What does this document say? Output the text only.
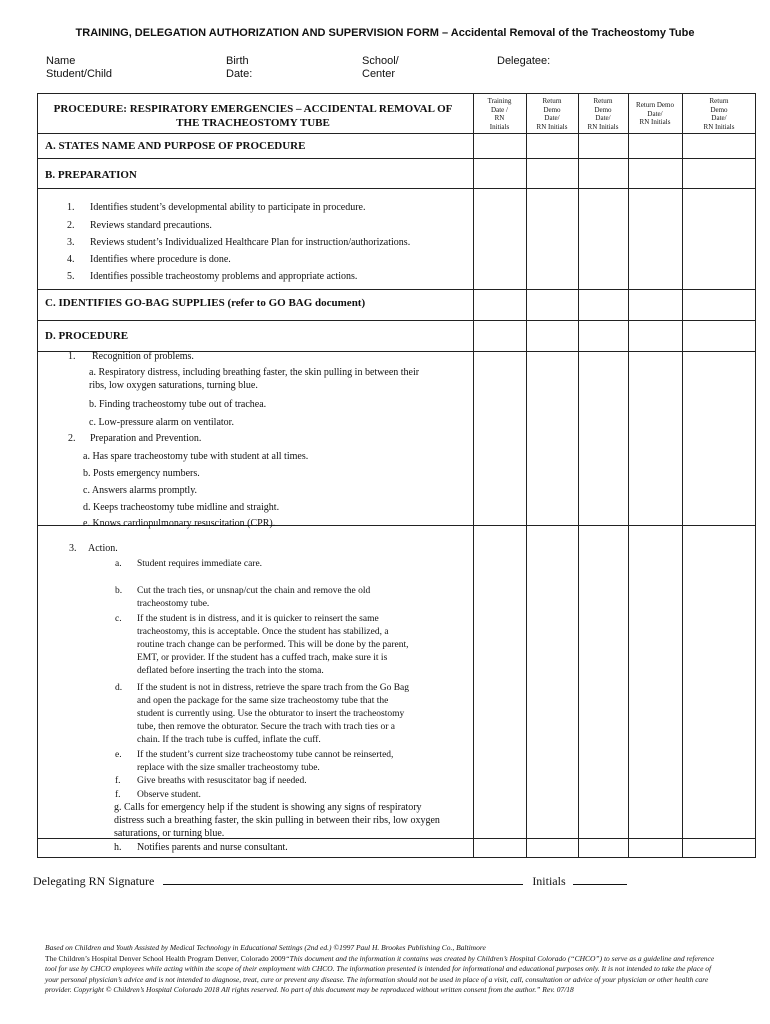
TRAINING, DELEGATION AUTHORIZATION AND SUPERVISION FORM – Accidental Removal of the Tracheostomy Tube
Name
Student/Child
Birth
Date:
School/
Center
Delegatee:
PROCEDURE: RESPIRATORY EMERGENCIES – ACCIDENTAL REMOVAL OF
THE TRACHEOSTOMY TUBE
Training
Date /
RN
Initials
Return
Demo
Date/
RN Initials
Return
Demo
Date/
RN Initials
Return Demo
Date/
RN Initials
Return
Demo
Date/
RN Initials
A. STATES NAME AND PURPOSE OF PROCEDURE
B. PREPARATION
C. IDENTIFIES GO-BAG SUPPLIES (refer to GO BAG document)
D. PROCEDURE
1. Identifies student’s developmental ability to participate in procedure.
2. Reviews standard precautions.
3. Reviews student’s Individualized Healthcare Plan for instruction/authorizations.
4. Identifies where procedure is done.
5. Identifies possible tracheostomy problems and appropriate actions.
1. Recognition of problems.
a. Respiratory distress, including breathing faster, the skin pulling in between their
ribs, low oxygen saturations, turning blue.
b. Finding tracheostomy tube out of trachea.
c. Low-pressure alarm on ventilator.
2. Preparation and Prevention.
a. Has spare tracheostomy tube with student at all times.
b. Posts emergency numbers.
c. Answers alarms promptly.
d. Keeps tracheostomy tube midline and straight.
e. Knows cardiopulmonary resuscitation (CPR).
3. Action.
a. Student requires immediate care.
b. Cut the trach ties, or unsnap/cut the chain and remove the old
tracheostomy tube.
c. If the student is in distress, and it is quicker to reinsert the same
tracheostomy, this is acceptable. Once the student has stabilized, a
routine trach change can be performed. This will be done by the parent,
EMT, or provider. If the student has a cuffed trach, make sure it is
deflated before inserting the trach into the stoma.
d. If the student is not in distress, retrieve the spare trach from the Go Bag
and open the package for the same size tracheostomy tube that the
student is currently using. Use the obturator to insert the tracheostomy
tube, then remove the obturator. Secure the trach with trach ties or a
chain. If the trach tube is cuffed, inflate the cuff.
e. If the student’s current size tracheostomy tube cannot be reinserted,
replace with the size smaller tracheostomy tube.
f. Give breaths with resuscitator bag if needed.
f. Observe student.
g. Calls for emergency help if the student is showing any signs of respiratory
distress such a breathing faster, the skin pulling in between their ribs, low oxygen
saturations, or turning blue.
h. Notifies parents and nurse consultant.
Delegating RN Signature	Initials
Based on Children and Youth Assisted by Medical Technology in Educational Settings (2nd ed.) ©1997 Paul H. Brookes Publishing Co., Baltimore
The Children’s Hospital Denver School Health Program Denver, Colorado 2009“This document and the information it contains was created by Children’s Hospital Colorado (“CHCO”) to serve as a guideline and reference tool for use by CHCO employees while acting within the scope of their employment with CHCO. The information presented is intended for informational and educational purposes only. It is not intended to take the place of your personal physician’s advice and is not intended to diagnose, treat, cure or prevent any disease. The information should not be used in place of a visit, call, consultation or advice of your physician or other health care provider. Copyright © Children’s Hospital Colorado 2018 All rights reserved. No part of this document may be reproduced without written consent from the author.” Rev. 07/18
